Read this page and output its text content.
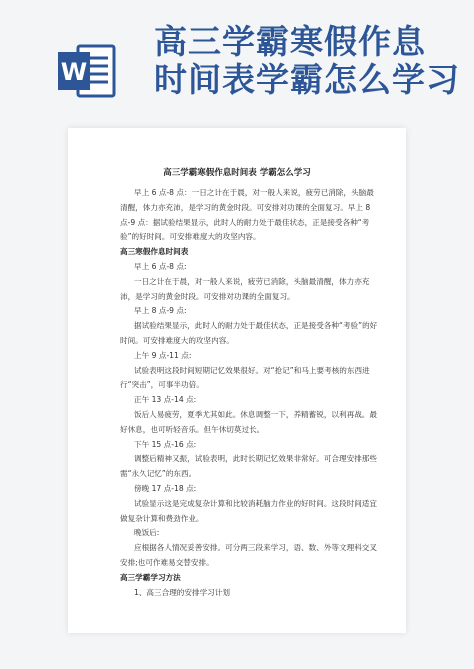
W
高三学霸寒假作息
时间表学霸怎么学习
高三学霸寒假作息时间表 学霸怎么学习

早上 6 点-8 点：一日之计在于晨，对一般人来说，疲劳已消除，头脑最清醒，体力亦充沛，是学习的黄金时段。可安排对功课的全面复习。早上 8 点-9 点：据试验结果显示，此时人的耐力处于最佳状态，正是接受各种“考验”的好时间。可安排难度大的攻坚内容。

高三寒假作息时间表

早上 6 点-8 点:

一日之计在于晨，对一般人来说，疲劳已消除，头脑最清醒，体力亦充沛，是学习的黄金时段。可安排对功课的全面复习。

早上 8 点-9 点:

据试验结果显示，此时人的耐力处于最佳状态，正是接受各种“考验”的好时间。可安排难度大的攻坚内容。

上午 9 点-11 点:

试验表明这段时间短期记忆效果很好。对“抢记”和马上要考核的东西进行“突击”，可事半功倍。

正午 13 点-14 点:

饭后人易疲劳，夏季尤其如此。休息调整一下，养精蓄锐，以利再战。最好休息，也可听轻音乐。但午休切莫过长。

下午 15 点-16 点:

调整后精神又振，试验表明，此时长期记忆效果非常好。可合理安排那些需“永久记忆”的东西。

傍晚 17 点-18 点:

试验显示这是完成复杂计算和比较消耗脑力作业的好时间。这段时间适宜做复杂计算和费劲作业。

晚饭后:

应根据各人情况妥善安排。可分两三段来学习，语、数、外等文理科交叉安排;也可作难易交替安排。

高三学霸学习方法

1、高三合理的安排学习计划
